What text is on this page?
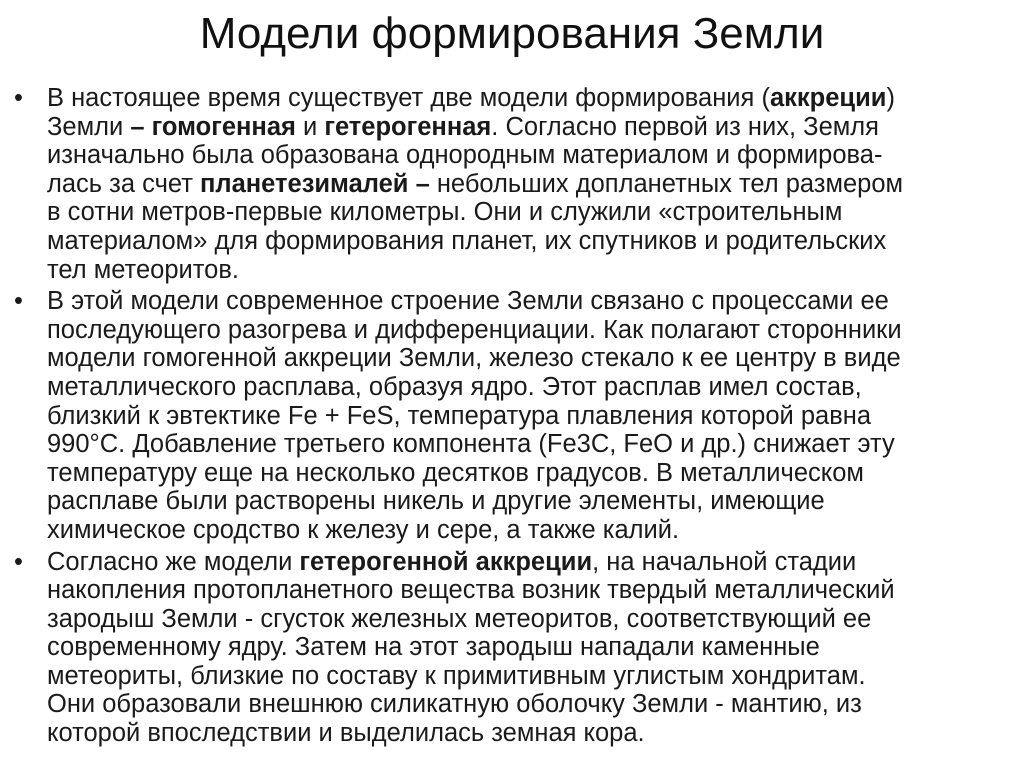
Модели формирования Земли
• В настоящее время существует две модели формирования (аккреции)
Земли – гомогенная и гетерогенная. Согласно первой из них, Земля
изначально была образована однородным материалом и формирова-
лась за счет планетезималей – небольших допланетных тел размером
в сотни метров-первые километры. Они и служили «строительным
материалом» для формирования планет, их спутников и родительских
тел метеоритов.
• В этой модели современное строение Земли связано с процессами ее
последующего разогрева и дифференциации. Как полагают сторонники
модели гомогенной аккреции Земли, железо стекало к ее центру в виде
металлического расплава, образуя ядро. Этот расплав имел состав,
близкий к эвтектике Fe + FeS, температура плавления которой равна
990°С. Добавление третьего компонента (Fe3C, FeO и др.) снижает эту
температуру еще на несколько десятков градусов. В металлическом
расплаве были растворены никель и другие элементы, имеющие
химическое сродство к железу и сере, а также калий.
• Согласно же модели гетерогенной аккреции, на начальной стадии
накопления протопланетного вещества возник твердый металлический
зародыш Земли - сгусток железных метеоритов, соответствующий ее
современному ядру. Затем на этот зародыш нападали каменные
метеориты, близкие по составу к примитивным углистым хондритам.
Они образовали внешнюю силикатную оболочку Земли - мантию, из
которой впоследствии и выделилась земная кора.
